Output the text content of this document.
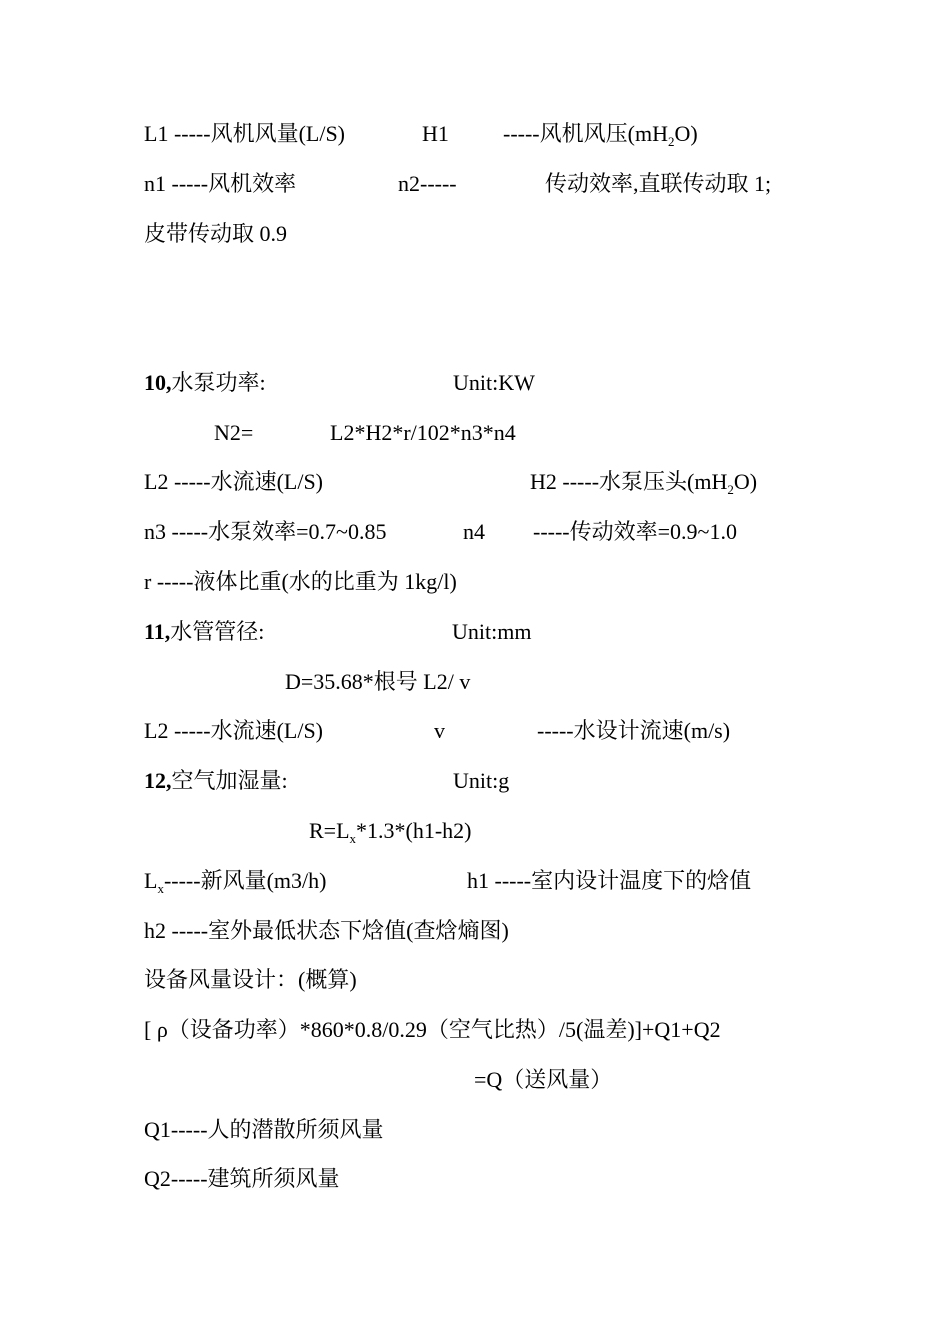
L1 -----风机风量(L/S)	H1 -----风机风压$(mH_2O)$
n1 -----风机效率	n2-----	传动效率,直联传动取 1;
皮带传动取 0.9
10,水泵功率:	Unit:KW
N2=	L2*H2*r/102*n3*n4
L2 -----水流速(L/S)	H2 -----水泵压头$(mH_2O)$
n3 -----水泵效率=0.7~0.85	n4 -----传动效率=0.9~1.0
r -----液体比重(水的比重为 1kg/l)
11,水管管径:	Unit:mm
D=35.68*根号 L2/ v
L2 -----水流速(L/S)	v	-----水设计流速(m/s)
12,空气加湿量:	Unit:g
$R=L_x*1.3*(h1-h2)$
$L_x-----$新风量(m3/h)	h1 -----室内设计温度下的焓值
h2 -----室外最低状态下焓值(查焓熵图)
设备风量设计：(概算)
[ ρ（设备功率）*860*0.8/0.29（空气比热）/5(温差)]+Q1+Q2
=Q（送风量）
Q1-----人的潜散所须风量
Q2-----建筑所须风量
